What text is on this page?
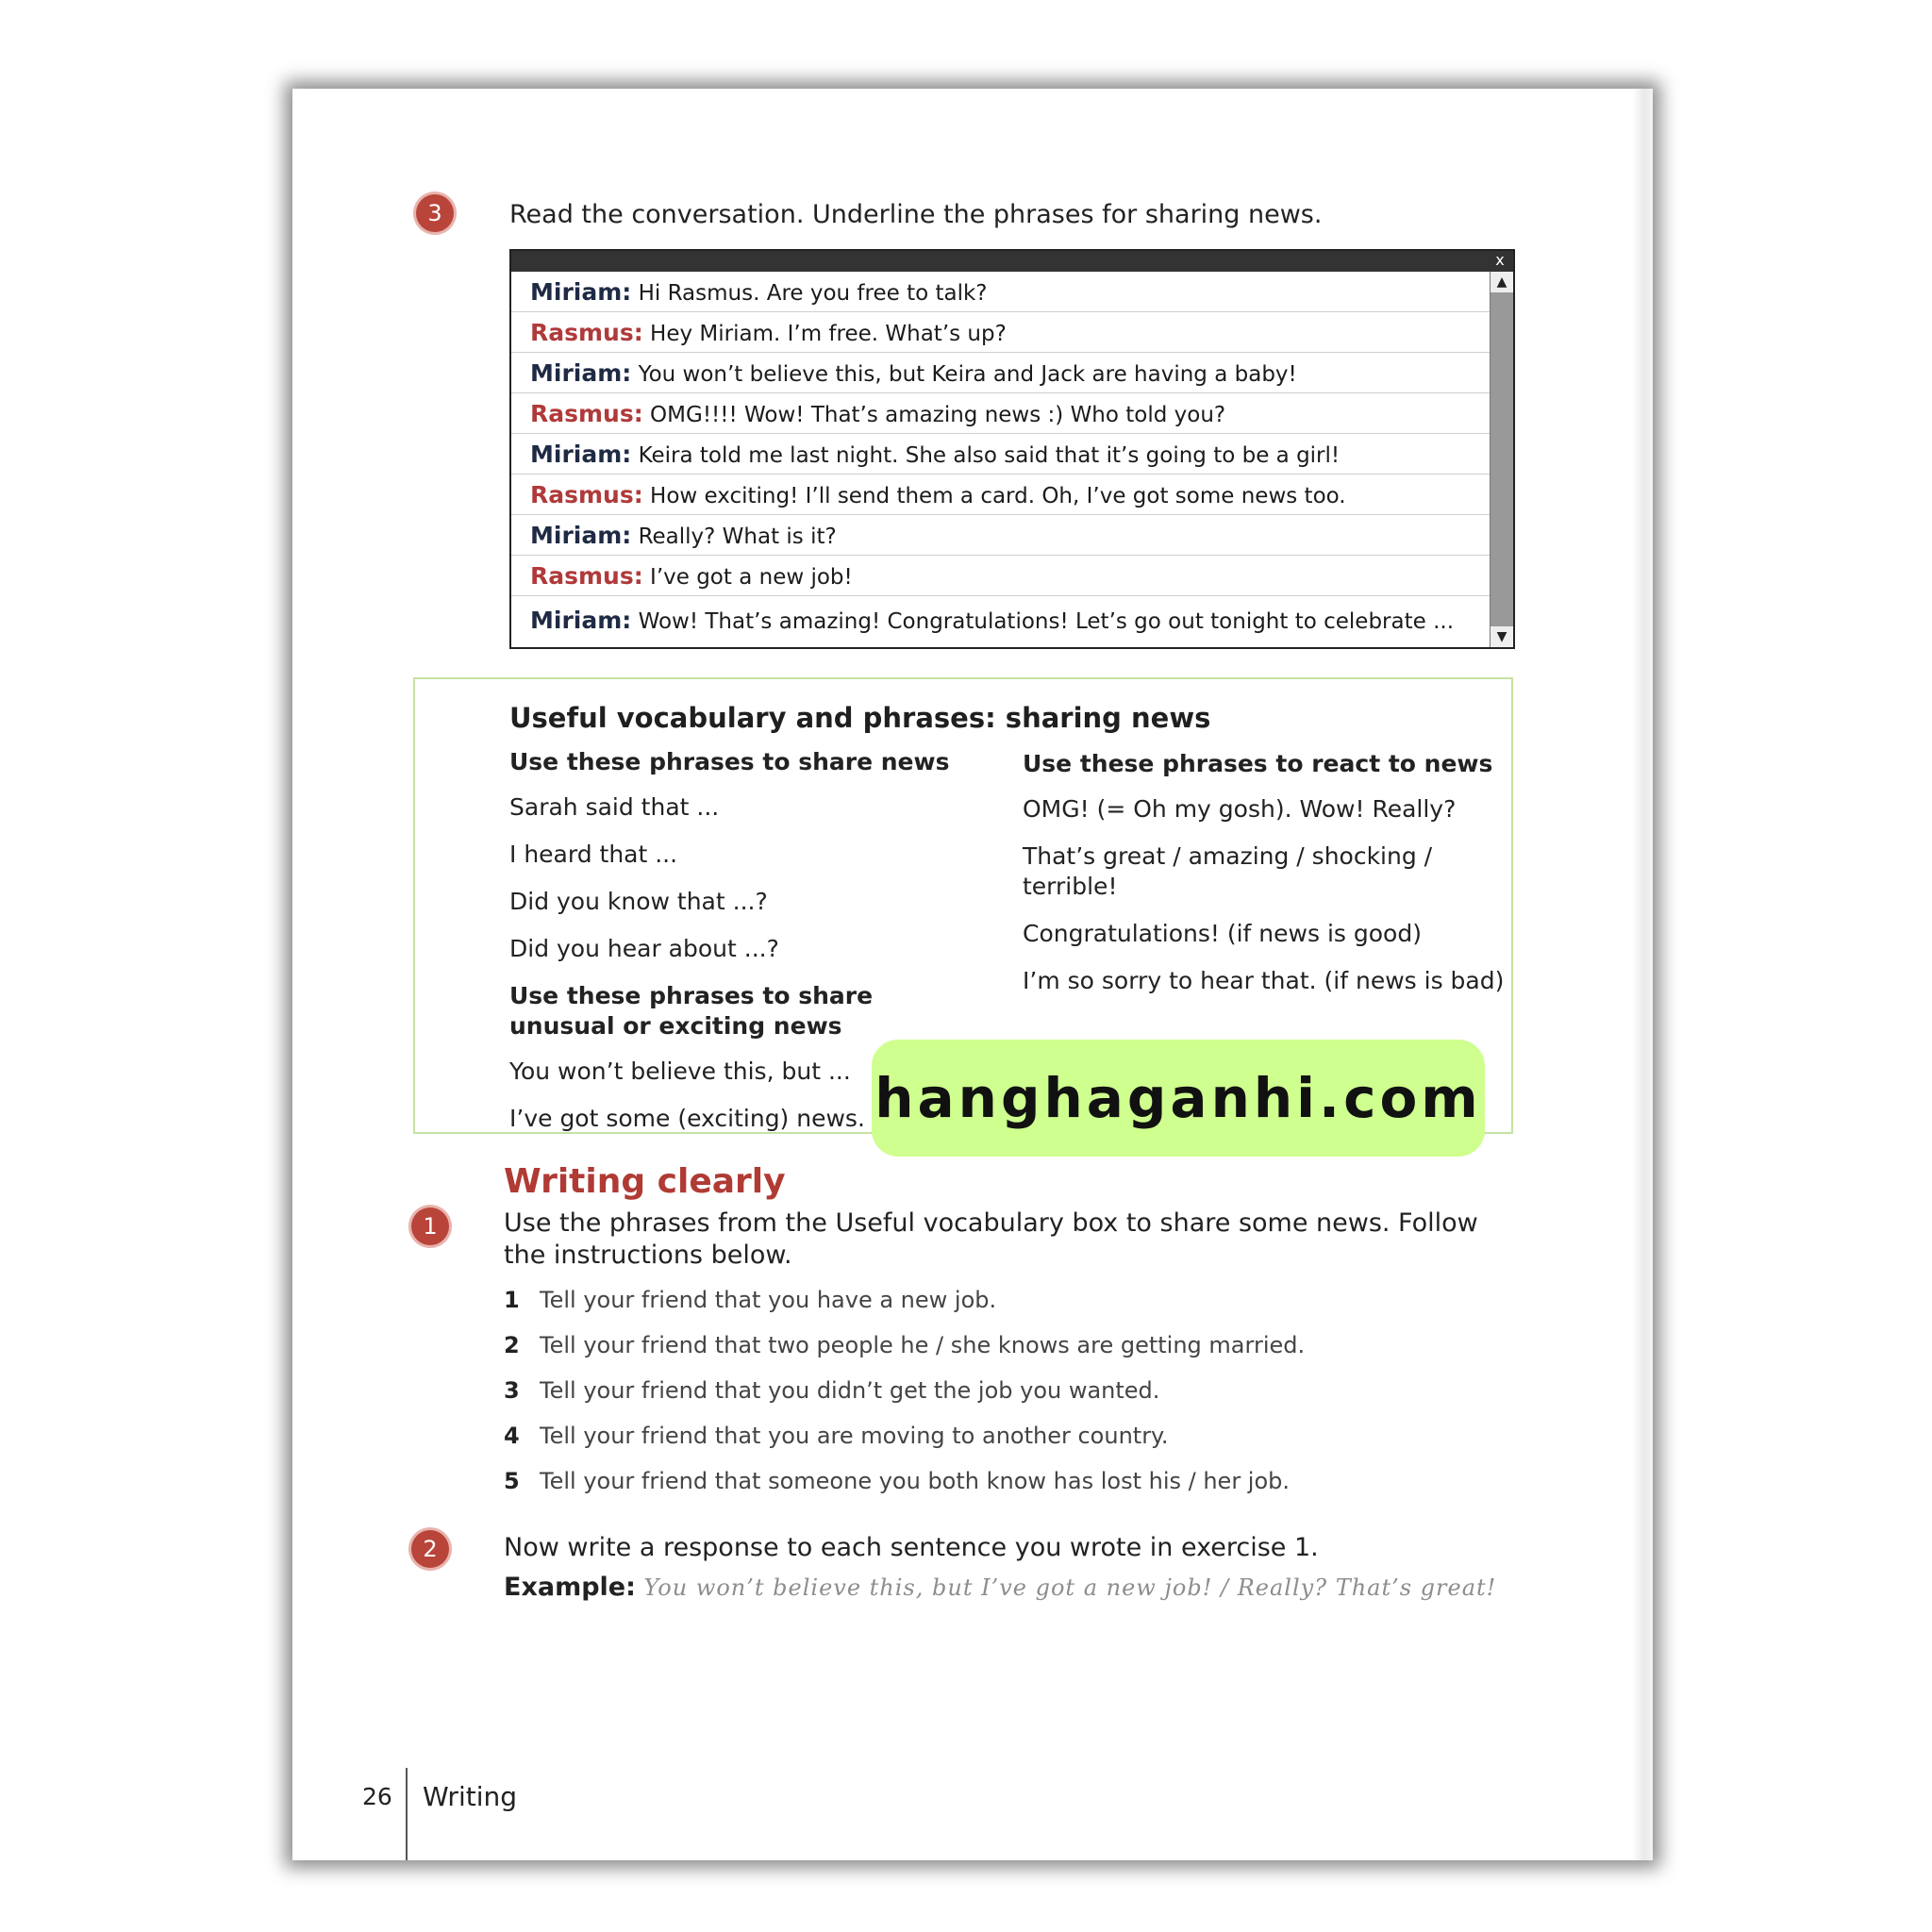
3	Read the conversation. Underline the phrases for sharing news.
x
Miriam: Hi Rasmus. Are you free to talk?
Rasmus: Hey Miriam. I’m free. What’s up?
Miriam: You won’t believe this, but Keira and Jack are having a baby!
Rasmus: OMG!!!! Wow! That’s amazing news :) Who told you?
Miriam: Keira told me last night. She also said that it’s going to be a girl!
Rasmus: How exciting! I’ll send them a card. Oh, I’ve got some news too.
Miriam: Really? What is it?
Rasmus: I’ve got a new job!
Miriam: Wow! That’s amazing! Congratulations! Let’s go out tonight to celebrate ...
▲
▼
Useful vocabulary and phrases: sharing news
Use these phrases to share news
Sarah said that ...
I heard that ...
Did you know that ...?
Did you hear about ...?
Use these phrases to share unusual or exciting news
You won’t believe this, but ...
I’ve got some (exciting) news.
Use these phrases to react to news
OMG! (= Oh my gosh). Wow! Really?
That’s great / amazing / shocking / terrible!
Congratulations! (if news is good)
I’m so sorry to hear that. (if news is bad)
hanghaganhi.com
Writing clearly
1	Use the phrases from the Useful vocabulary box to share some news. Follow the instructions below.
1 Tell your friend that you have a new job.
2 Tell your friend that two people he / she knows are getting married.
3 Tell your friend that you didn’t get the job you wanted.
4 Tell your friend that you are moving to another country.
5 Tell your friend that someone you both know has lost his / her job.
2	Now write a response to each sentence you wrote in exercise 1.
Example: You won’t believe this, but I’ve got a new job! / Really? That’s great!
26 Writing
